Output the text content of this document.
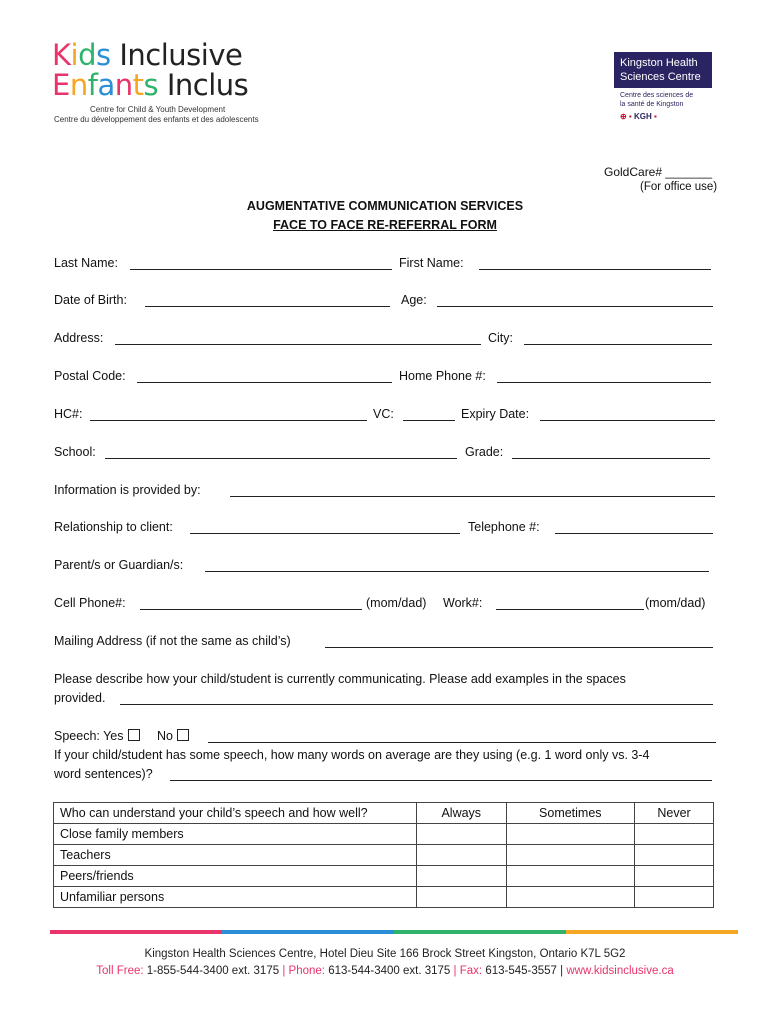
Kids Inclusive
Enfants Inclus
Centre for Child & Youth Development
Centre du développement des enfants et des adolescents
Kingston Health
Sciences Centre
Centre des sciences de
la santé de Kingston
⊕ ▪ KGH ▪
GoldCare# _______
(For office use)
AUGMENTATIVE COMMUNICATION SERVICES
FACE TO FACE RE-REFERRAL FORM
Last Name:	First Name:
Date of Birth:	Age:
Address:	City:
Postal Code:	Home Phone #:
HC#:	VC:	Expiry Date:
School:	Grade:
Information is provided by:
Relationship to client:	Telephone #:
Parent/s or Guardian/s:
Cell Phone#:	(mom/dad) Work#:	(mom/dad)
Mailing Address (if not the same as child’s)
Please describe how your child/student is currently communicating. Please add examples in the spaces
provided.
Speech: Yes	No
If your child/student has some speech, how many words on average are they using (e.g. 1 word only vs. 3-4
word sentences)?
Who can understand your child’s speech and how well?	Always	Sometimes	Never
Close family members			
Teachers			
Peers/friends			
Unfamiliar persons			
Kingston Health Sciences Centre, Hotel Dieu Site 166 Brock Street Kingston, Ontario K7L 5G2
Toll Free: 1-855-544-3400 ext. 3175 | Phone: 613-544-3400 ext. 3175 | Fax: 613-545-3557 | www.kidsinclusive.ca
